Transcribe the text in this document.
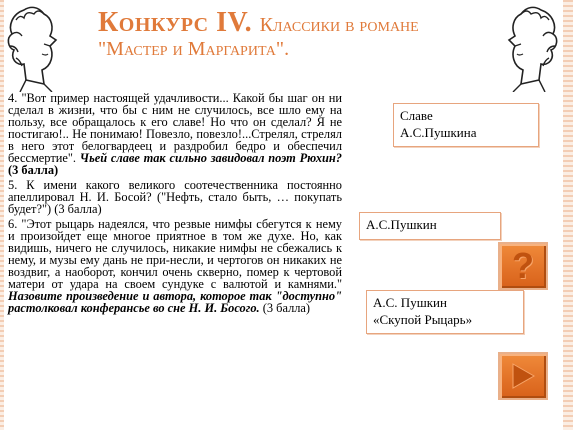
Конкурс IV. Классики в романе
"Мастер и Маргарита".

4. "Вот пример настоящей удачливости... Какой бы шаг он ни сделал в жизни, что бы с ним не случилось, все шло ему на пользу, все обращалось к его славе! Но что он сделал? Я не постигаю!.. Не понимаю! Повезло, повезло!...Стрелял, стрелял в него этот белогвардеец и раздробил бедро и обеспечил бессмертие". Чьей славе так сильно завидовал поэт Рюхин? (3 балла)

5. К имени какого великого соотечественника постоянно апеллировал Н. И. Босой? ("Нефть, стало быть, … покупать будет?") (3 балла)

6. "Этот рыцарь надеялся, что резвые нимфы сбегутся к нему и произойдет еще многое приятное в том же духе. Но, как видишь, ничего не случилось, никакие нимфы не сбежались к нему, и музы ему дань не при-несли, и чертогов он никаких не воздвиг, а наоборот, кончил очень скверно, помер к чертовой матери от удара на своем сундуке с валютой и камнями." Назовите произведение и автора, которое так "доступно" растолковал конферансье во сне Н. И. Босого. (3 балла)

Славе
А.С.Пушкина
А.С.Пушкин
А.С. Пушкин
«Скупой Рыцарь»
?
